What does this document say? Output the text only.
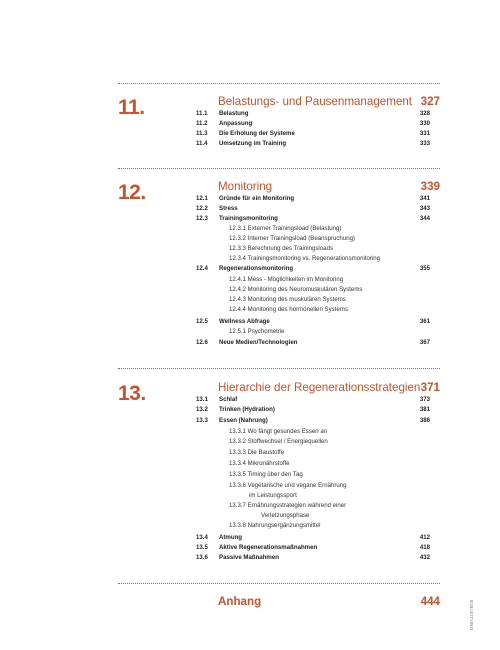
11.	Belastungs- und Pausenmanagement 327
11.1	Belastung	328
11.2	Anpassung	330
11.3	Die Erholung der Systeme	331
11.4	Umsetzung im Training	333
12.	Monitoring	339
12.1	Gründe für ein Monitoring	341
12.2	Stress	343
12.3	Trainingsmonitoring	344
12.3.1 Externer Trainingsload (Belastung)
12.3.2 Interner Trainingsload (Beanspruchung)
12.3.3 Berechnung des Trainingsloads
12.3.4 Trainingsmonitoring vs. Regenerationsmonitoring
12.4	Regenerationsmonitoring	355
12.4.1 Mess - Möglichkeiten im Monitoring
12.4.2 Monitoring des Neuromuskulären Systems
12.4.3 Monitoring des muskulären Systems
12.4.4 Monitoring des hormonellen Systems
12.5	Wellness Abfrage	361
12.5.1 Psychometrie
12.6	Neue Medien/Technologien	367
13.	Hierarchie der Regenerationsstrategien 371
13.1	Schlaf	373
13.2	Trinken (Hydration)	381
13.3	Essen (Nahrung)	386
13.3.1 Wo fängt gesundes Essen an
13.3.2 Stoffwechsel / Energiequellen
13.3.3 Die Baustoffe
13.3.4 Mikronährstoffe
13.3.5 Timing über den Tag
13.3.6 Vegetarische und vegane Ernährung
im Leistungssport
13.3.7 Ernährungsstrategien während einer
Verletzungsphase
13.3.8 Nahrungsergänzungsmittel
13.4	Atmung	412
13.5	Aktive Regenerationsmaßnahmen	418
13.6	Passive Maßnahmen	432
Anhang	444	EINLEITUNG
